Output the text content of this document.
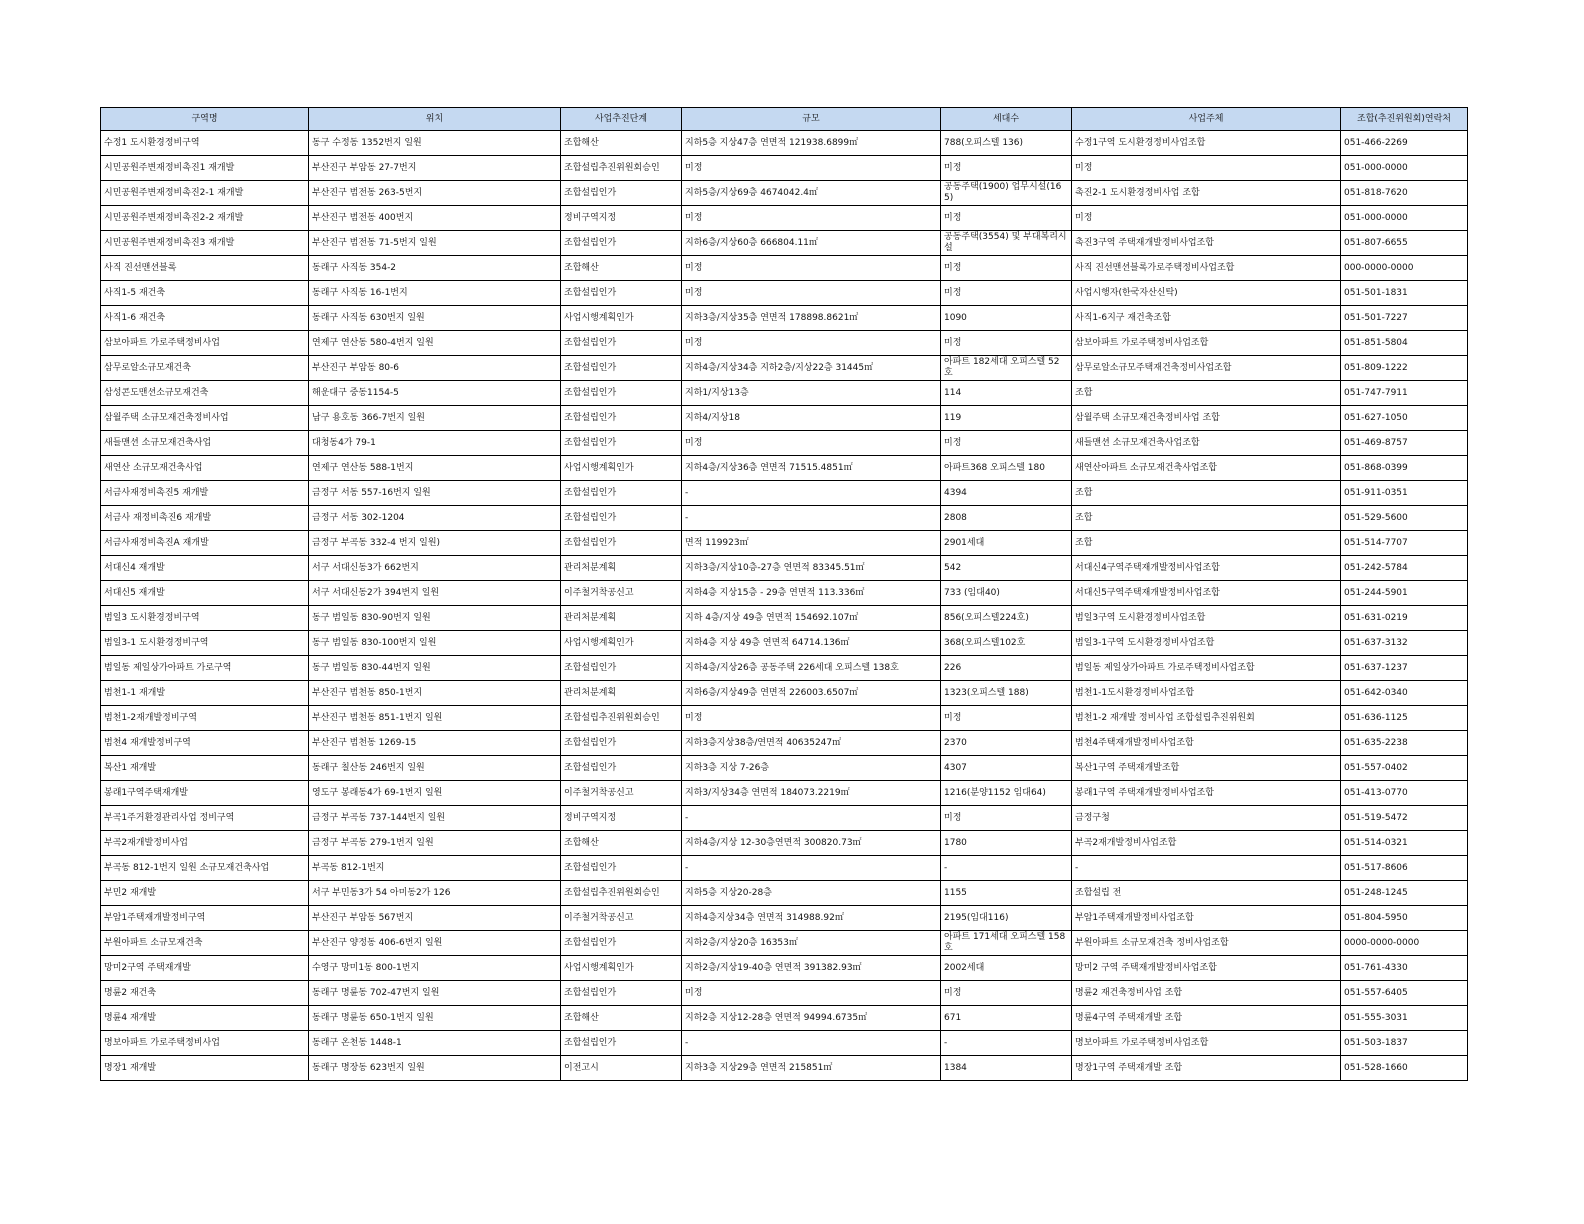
구역명	위치	사업추진단계	규모	세대수	사업주체	조합(추진위원회)연락처
수정1 도시환경정비구역	동구 수정동 1352번지 일원	조합해산	지하5층 지상47층 연면적 121938.6899㎡	788(오피스텔 136)	수정1구역 도시환경정비사업조합	051-466-2269
시민공원주변재정비촉진1 재개발	부산진구 부암동 27-7번지	조합설립추진위원회승인	미정	미정	미정	051-000-0000
시민공원주변재정비촉진2-1 재개발	부산진구 범전동 263-5번지	조합설립인가	지하5층/지상69층 4674042.4㎡	공동주택(1900) 업무시설(165)	촉진2-1 도시환경정비사업 조합	051-818-7620
시민공원주변재정비촉진2-2 재개발	부산진구 범전동 400번지	정비구역지정	미정	미정	미정	051-000-0000
시민공원주변재정비촉진3 재개발	부산진구 범전동 71-5번지 일원	조합설립인가	지하6층/지상60층 666804.11㎡	공동주택(3554) 및 부대복리시설	촉진3구역 주택재개발정비사업조합	051-807-6655
사직 진선맨션블록	동래구 사직동 354-2	조합해산	미정	미정	사직 진선맨션블록가로주택정비사업조합	000-0000-0000
사직1-5 재건축	동래구 사직동 16-1번지	조합설립인가	미정	미정	사업시행자(한국자산신탁)	051-501-1831
사직1-6 재건축	동래구 사직동 630번지 일원	사업시행계획인가	지하3층/지상35층 연면적 178898.8621㎡	1090	사직1-6지구 재건축조합	051-501-7227
삼보아파트 가로주택정비사업	연제구 연산동 580-4번지 일원	조합설립인가	미정	미정	삼보아파트 가로주택정비사업조합	051-851-5804
삼무로알소규모재건축	부산진구 부암동 80-6	조합설립인가	지하4층/지상34층 지하2층/지상22층 31445㎡	아파트 182세대 오피스텔 52호	삼무로알소규모주택재건축정비사업조합	051-809-1222
삼성콘도맨션소규모재건축	해운대구 중동1154-5	조합설립인가	지하1/지상13층	114	조합	051-747-7911
삼월주택 소규모재건축정비사업	남구 용호동 366-7번지 일원	조합설립인가	지하4/지상18	119	삼월주택 소규모재건축정비사업 조합	051-627-1050
새들맨션 소규모재건축사업	대청동4가 79-1	조합설립인가	미정	미정	새들맨션 소규모재건축사업조합	051-469-8757
새연산 소규모재건축사업	연제구 연산동 588-1번지	사업시행계획인가	지하4층/지상36층 연면적 71515.4851㎡	아파트368 오피스텔 180	새연산아파트 소규모재건축사업조합	051-868-0399
서금사재정비촉진5 재개발	금정구 서동 557-16번지 일원	조합설립인가	-	4394	조합	051-911-0351
서금사 재정비촉진6 재개발	금정구 서동 302-1204	조합설립인가	-	2808	조합	051-529-5600
서금사재정비촉진A 재개발	금정구 부곡동 332-4 번지 일원)	조합설립인가	면적 119923㎡	2901세대	조합	051-514-7707
서대신4 재개발	서구 서대신동3가 662번지	관리처분계획	지하3층/지상10층-27층 연면적 83345.51㎡	542	서대신4구역주택재개발정비사업조합	051-242-5784
서대신5 재개발	서구 서대신동2가 394번지 일원	이주철거착공신고	지하4층 지상15층 - 29층 연면적 113.336㎡	733 (임대40)	서대신5구역주택재개발정비사업조합	051-244-5901
범일3 도시환경정비구역	동구 범일동 830-90번지 일원	관리처분계획	지하 4층/지상 49층 연면적 154692.107㎡	856(오피스텔224호)	범일3구역 도시환경정비사업조합	051-631-0219
범일3-1 도시환경정비구역	동구 범일동 830-100번지 일원	사업시행계획인가	지하4층 지상 49층 연면적 64714.136㎡	368(오피스텔102호	범일3-1구역 도시환경정비사업조합	051-637-3132
범일동 제일상가아파트 가로구역	동구 범일동 830-44번지 일원	조합설립인가	지하4층/지상26층 공동주택 226세대 오피스텔 138호	226	범일동 제일상가아파트 가로주택정비사업조합	051-637-1237
범천1-1 재개발	부산진구 범천동 850-1번지	관리처분계획	지하6층/지상49층 연면적 226003.6507㎡	1323(오피스텔 188)	범천1-1도시환경정비사업조합	051-642-0340
범천1-2재개발정비구역	부산진구 범천동 851-1번지 일원	조합설립추진위원회승인	미정	미정	범천1-2 재개발 정비사업 조합설립추진위원회	051-636-1125
범천4 재개발정비구역	부산진구 범천동 1269-15	조합설립인가	지하3층지상38층/연면적 40635247㎡	2370	범천4주택재개발정비사업조합	051-635-2238
복산1 재개발	동래구 칠산동 246번지 일원	조합설립인가	지하3층 지상 7-26층	4307	복산1구역 주택재개발조합	051-557-0402
봉래1구역주택재개발	영도구 봉래동4가 69-1번지 일원	이주철거착공신고	지하3/지상34층 연면적 184073.2219㎡	1216(분양1152 임대64)	봉래1구역 주택재개발정비사업조합	051-413-0770
부곡1주거환경관리사업 정비구역	금정구 부곡동 737-144번지 일원	정비구역지정	-	미정	금정구청	051-519-5472
부곡2재개발정비사업	금정구 부곡동 279-1번지 일원	조합해산	지하4층/지상 12-30층연면적 300820.73㎡	1780	부곡2재개발정비사업조합	051-514-0321
부곡동 812-1번지 일원 소규모재건축사업	부곡동 812-1번지	조합설립인가	-	-	-	051-517-8606
부민2 재개발	서구 부민동3가 54 아미동2가 126	조합설립추진위원회승인	지하5층 지상20-28층	1155	조합설립 전	051-248-1245
부암1주택재개발정비구역	부산진구 부암동 567번지	이주철거착공신고	지하4층지상34층 연면적 314988.92㎡	2195(임대116)	부암1주택재개발정비사업조합	051-804-5950
부원아파트 소규모재건축	부산진구 양정동 406-6번지 일원	조합설립인가	지하2층/지상20층 16353㎡	아파트 171세대 오피스텔 158호	부원아파트 소규모재건축 정비사업조합	0000-0000-0000
망미2구역 주택재개발	수영구 망미1동 800-1번지	사업시행계획인가	지하2층/지상19-40층 연면적 391382.93㎡	2002세대	망미2 구역 주택재개발정비사업조합	051-761-4330
명륜2 재건축	동래구 명륜동 702-47번지 일원	조합설립인가	미정	미정	명륜2 재건축정비사업 조합	051-557-6405
명륜4 재개발	동래구 명륜동 650-1번지 일원	조합해산	지하2층 지상12-28층 연면적 94994.6735㎡	671	명륜4구역 주택재개발 조합	051-555-3031
명보아파트 가로주택정비사업	동래구 온천동 1448-1	조합설립인가	-	-	명보아파트 가로주택정비사업조합	051-503-1837
명장1 재개발	동래구 명장동 623번지 일원	이전고시	지하3층 지상29층 연면적 215851㎡	1384	명장1구역 주택재개발 조합	051-528-1660
